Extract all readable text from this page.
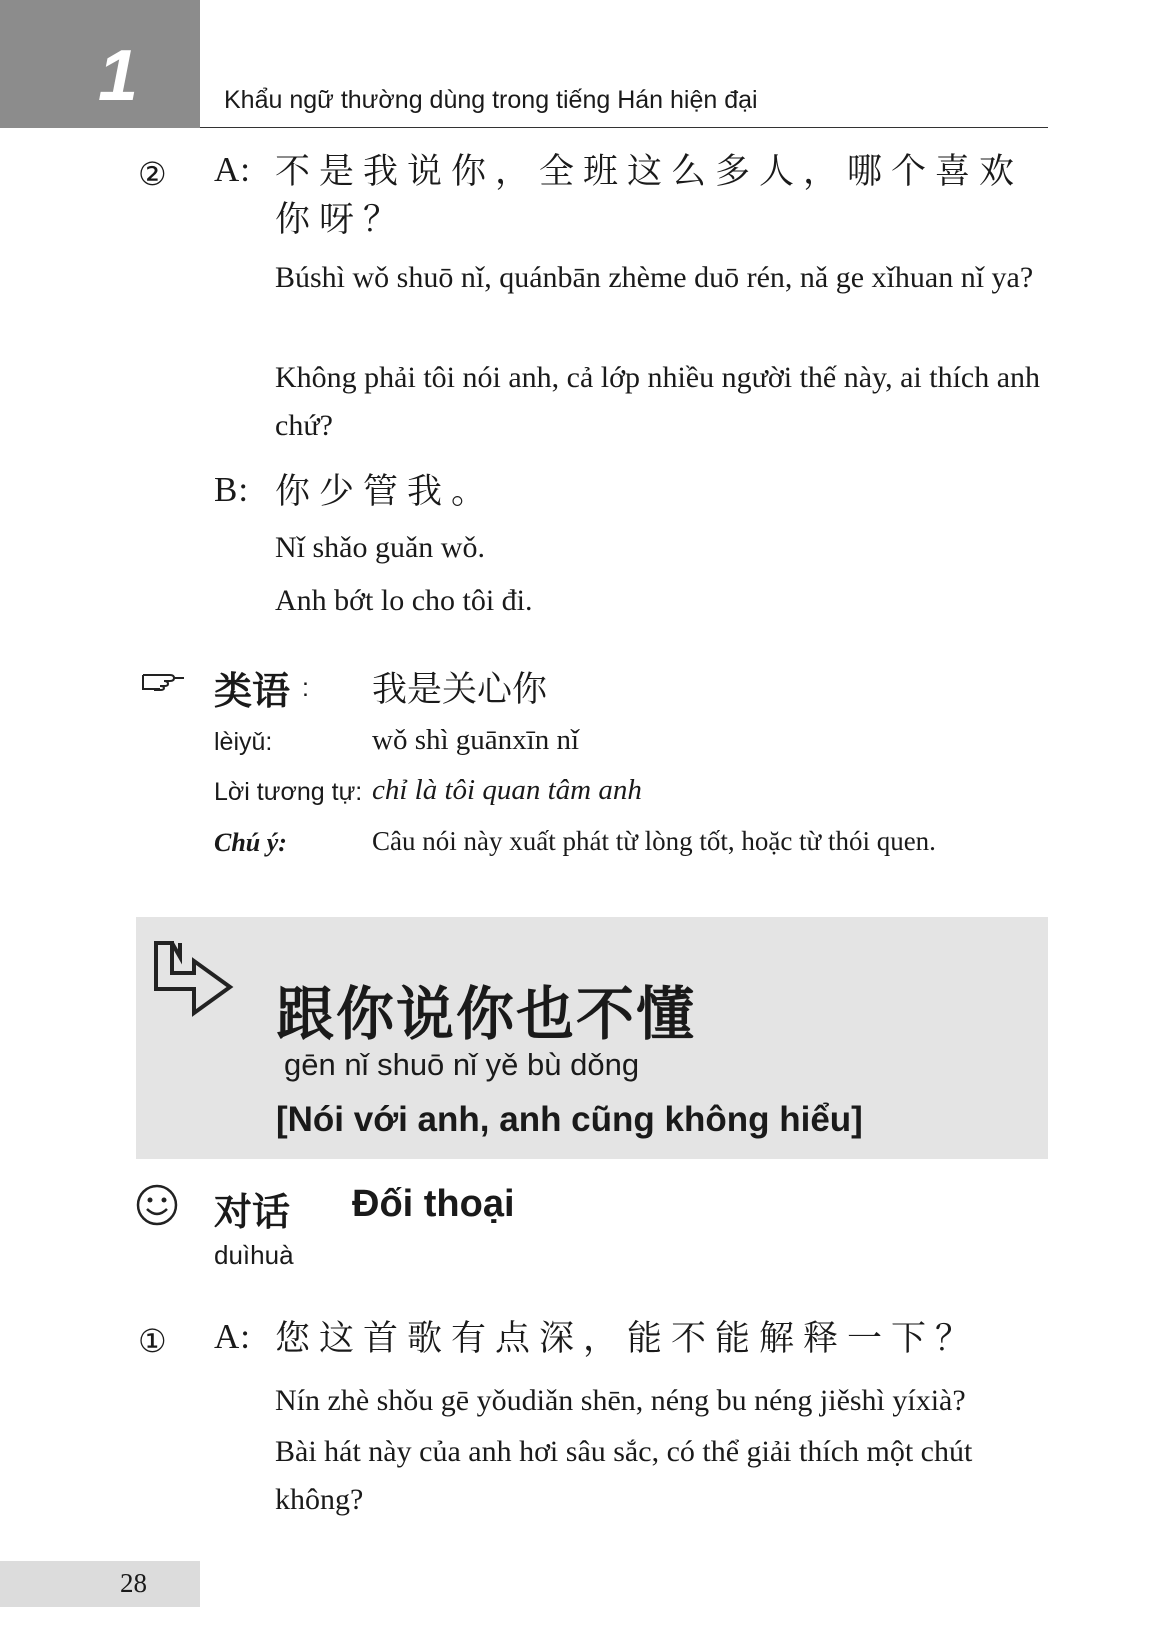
1	Khẩu ngữ thường dùng trong tiếng Hán hiện đại
② A: 不是我说你，全班这么多人，哪个喜欢你呀？
Búshì wǒ shuō nǐ, quánbān zhème duō rén, nǎ ge xǐhuan nǐ ya?
Không phải tôi nói anh, cả lớp nhiều người thế này, ai thích anh chứ?
B: 你少管我。
Nǐ shǎo guǎn wǒ.
Anh bớt lo cho tôi đi.
类语 : 我是关心你
lèiyǔ:	wǒ shì guānxīn nǐ
Lời tương tự: chỉ là tôi quan tâm anh
Chú ý:	Câu nói này xuất phát từ lòng tốt, hoặc từ thói quen.
跟你说你也不懂
gēn nǐ shuō nǐ yě bù dǒng
[Nói với anh, anh cũng không hiểu]
对话 Đối thoại
duìhuà
① A: 您这首歌有点深，能不能解释一下？
Nín zhè shǒu gē yǒudiǎn shēn, néng bu néng jiěshì yíxià?
Bài hát này của anh hơi sâu sắc, có thể giải thích một chút không?
28
